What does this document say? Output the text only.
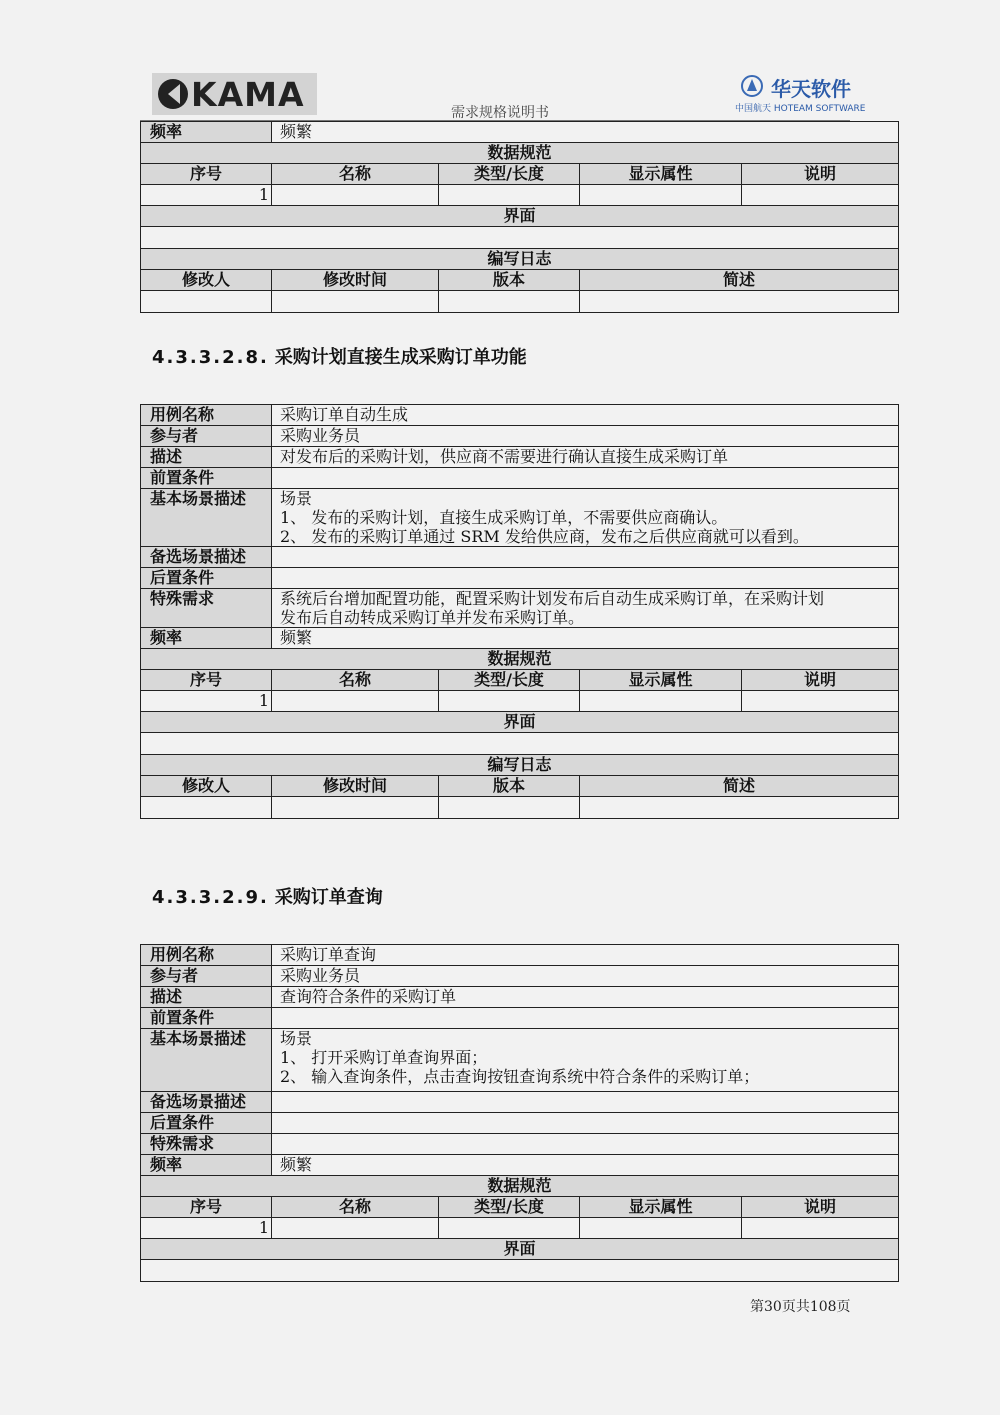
KAMA	华天软件
中国航天 HOTEAM SOFTWARE
需求规格说明书
频率	频繁			
数据规范				
序号	名称	类型/长度	显示属性	说明
1				
界面				

编写日志				
修改人	修改时间	版本	简述	

4.3.3.2.8. 采购计划直接生成采购订单功能
用例名称	采购订单自动生成			
参与者	采购业务员			
描述	对发布后的采购计划，供应商不需要进行确认直接生成采购订单			
前置条件				
基本场景描述	场景
1、 发布的采购计划，直接生成采购订单，不需要供应商确认。
2、 发布的采购订单通过 SRM 发给供应商，发布之后供应商就可以看到。			

备选场景描述				
后置条件				
特殊需求	系统后台增加配置功能，配置采购计划发布后自动生成采购订单，在采购计划
发布后自动转成采购订单并发布采购订单。			

频率	频繁			
数据规范				
序号	名称	类型/长度	显示属性	说明
1				
界面				

编写日志				
修改人	修改时间	版本	简述	

4.3.3.2.9. 采购订单查询
用例名称	采购订单查询			
参与者	采购业务员			
描述	查询符合条件的采购订单			
前置条件				
基本场景描述	场景
1、 打开采购订单查询界面；
2、 输入查询条件，点击查询按钮查询系统中符合条件的采购订单；			

备选场景描述				
后置条件				
特殊需求				
频率	频繁			
数据规范				
序号	名称	类型/长度	显示属性	说明
1				
界面				

第30页共108页
